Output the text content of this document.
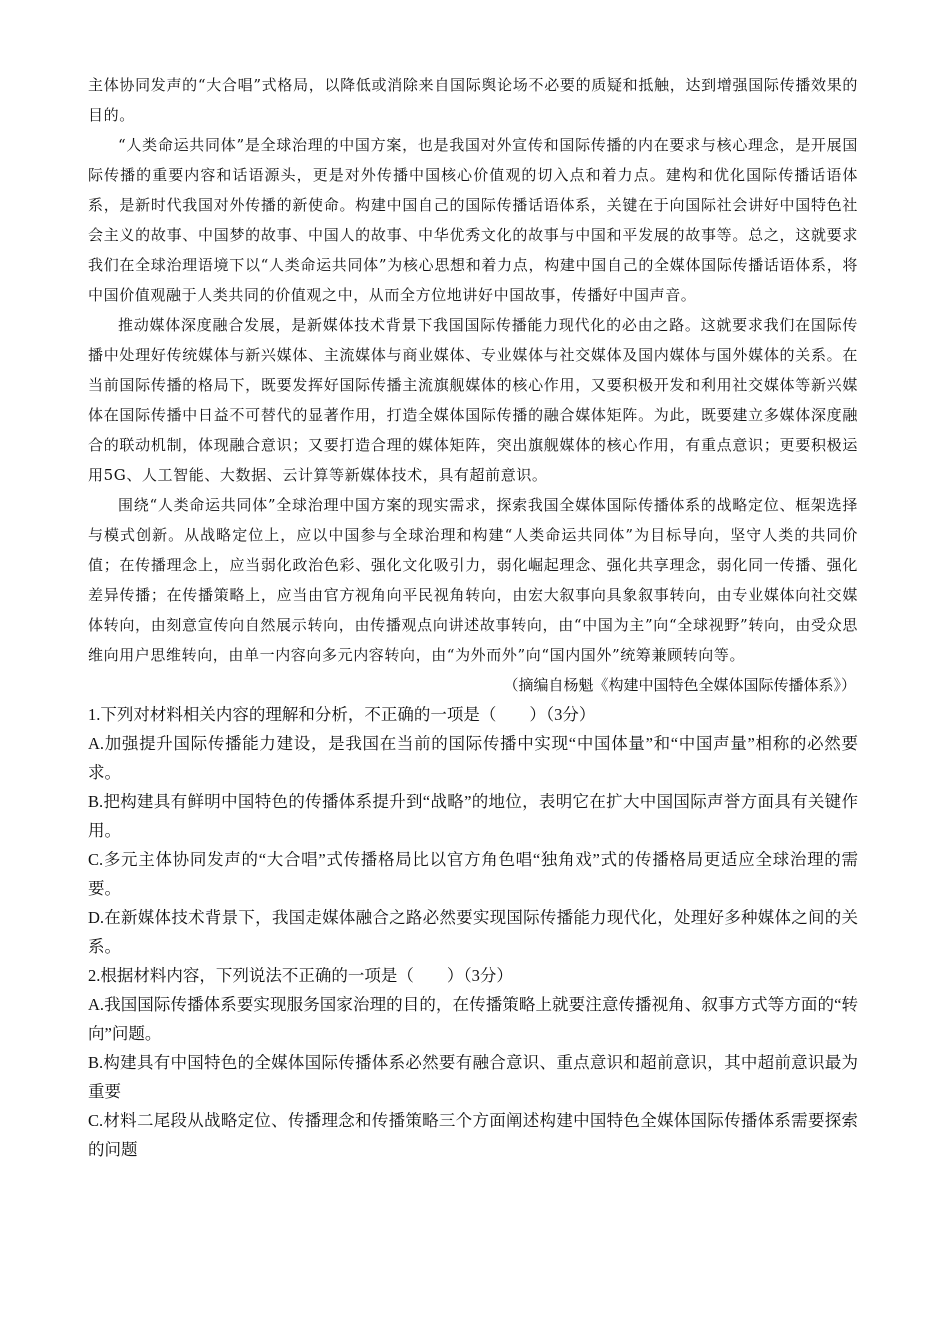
主体协同发声的“大合唱”式格局，以降低或消除来自国际舆论场不必要的质疑和抵触，达到增强国际传播效果的目的。

“人类命运共同体”是全球治理的中国方案，也是我国对外宣传和国际传播的内在要求与核心理念，是开展国际传播的重要内容和话语源头，更是对外传播中国核心价值观的切入点和着力点。建构和优化国际传播话语体系，是新时代我国对外传播的新使命。构建中国自己的国际传播话语体系，关键在于向国际社会讲好中国特色社会主义的故事、中国梦的故事、中国人的故事、中华优秀文化的故事与中国和平发展的故事等。总之，这就要求我们在全球治理语境下以“人类命运共同体”为核心思想和着力点，构建中国自己的全媒体国际传播话语体系，将中国价值观融于人类共同的价值观之中，从而全方位地讲好中国故事，传播好中国声音。

推动媒体深度融合发展，是新媒体技术背景下我国国际传播能力现代化的必由之路。这就要求我们在国际传播中处理好传统媒体与新兴媒体、主流媒体与商业媒体、专业媒体与社交媒体及国内媒体与国外媒体的关系。在当前国际传播的格局下，既要发挥好国际传播主流旗舰媒体的核心作用，又要积极开发和利用社交媒体等新兴媒体在国际传播中日益不可替代的显著作用，打造全媒体国际传播的融合媒体矩阵。为此，既要建立多媒体深度融合的联动机制，体现融合意识；又要打造合理的媒体矩阵，突出旗舰媒体的核心作用，有重点意识；更要积极运用5G、人工智能、大数据、云计算等新媒体技术，具有超前意识。

围绕“人类命运共同体”全球治理中国方案的现实需求，探索我国全媒体国际传播体系的战略定位、框架选择与模式创新。从战略定位上，应以中国参与全球治理和构建“人类命运共同体”为目标导向，坚守人类的共同价值；在传播理念上，应当弱化政治色彩、强化文化吸引力，弱化崛起理念、强化共享理念，弱化同一传播、强化差异传播；在传播策略上，应当由官方视角向平民视角转向，由宏大叙事向具象叙事转向，由专业媒体向社交媒体转向，由刻意宣传向自然展示转向，由传播观点向讲述故事转向，由“中国为主”向“全球视野”转向，由受众思维向用户思维转向，由单一内容向多元内容转向，由“为外而外”向“国内国外”统筹兼顾转向等。

（摘编自杨魁《构建中国特色全媒体国际传播体系》）

1.下列对材料相关内容的理解和分析，不正确的一项是（　　）（3分）

A.加强提升国际传播能力建设，是我国在当前的国际传播中实现“中国体量”和“中国声量”相称的必然要求。

B.把构建具有鲜明中国特色的传播体系提升到“战略”的地位，表明它在扩大中国国际声誉方面具有关键作用。

C.多元主体协同发声的“大合唱”式传播格局比以官方角色唱“独角戏”式的传播格局更适应全球治理的需要。

D.在新媒体技术背景下，我国走媒体融合之路必然要实现国际传播能力现代化，处理好多种媒体之间的关系。

2.根据材料内容，下列说法不正确的一项是（　　）（3分）

A.我国国际传播体系要实现服务国家治理的目的，在传播策略上就要注意传播视角、叙事方式等方面的“转向”问题。

B.构建具有中国特色的全媒体国际传播体系必然要有融合意识、重点意识和超前意识，其中超前意识最为重要

C.材料二尾段从战略定位、传播理念和传播策略三个方面阐述构建中国特色全媒体国际传播体系需要探索的问题
